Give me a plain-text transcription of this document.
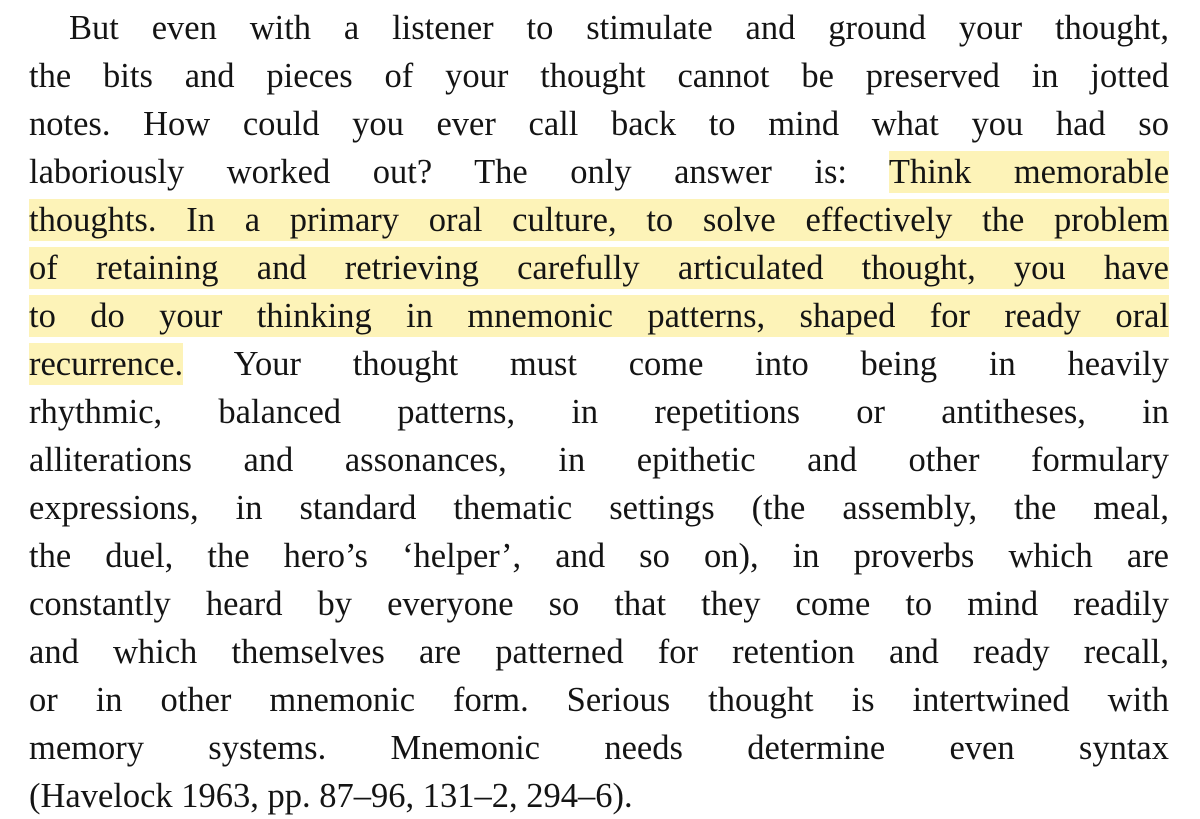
But even with a listener to stimulate and ground your thought,
the bits and pieces of your thought cannot be preserved in jotted
notes. How could you ever call back to mind what you had so
laboriously worked out? The only answer is: Think memorable
thoughts. In a primary oral culture, to solve effectively the problem
of retaining and retrieving carefully articulated thought, you have
to do your thinking in mnemonic patterns, shaped for ready oral
recurrence. Your thought must come into being in heavily
rhythmic, balanced patterns, in repetitions or antitheses, in
alliterations and assonances, in epithetic and other formulary
expressions, in standard thematic settings (the assembly, the meal,
the duel, the hero’s ‘helper’, and so on), in proverbs which are
constantly heard by everyone so that they come to mind readily
and which themselves are patterned for retention and ready recall,
or in other mnemonic form. Serious thought is intertwined with
memory systems. Mnemonic needs determine even syntax
(Havelock 1963, pp. 87–96, 131–2, 294–6).
